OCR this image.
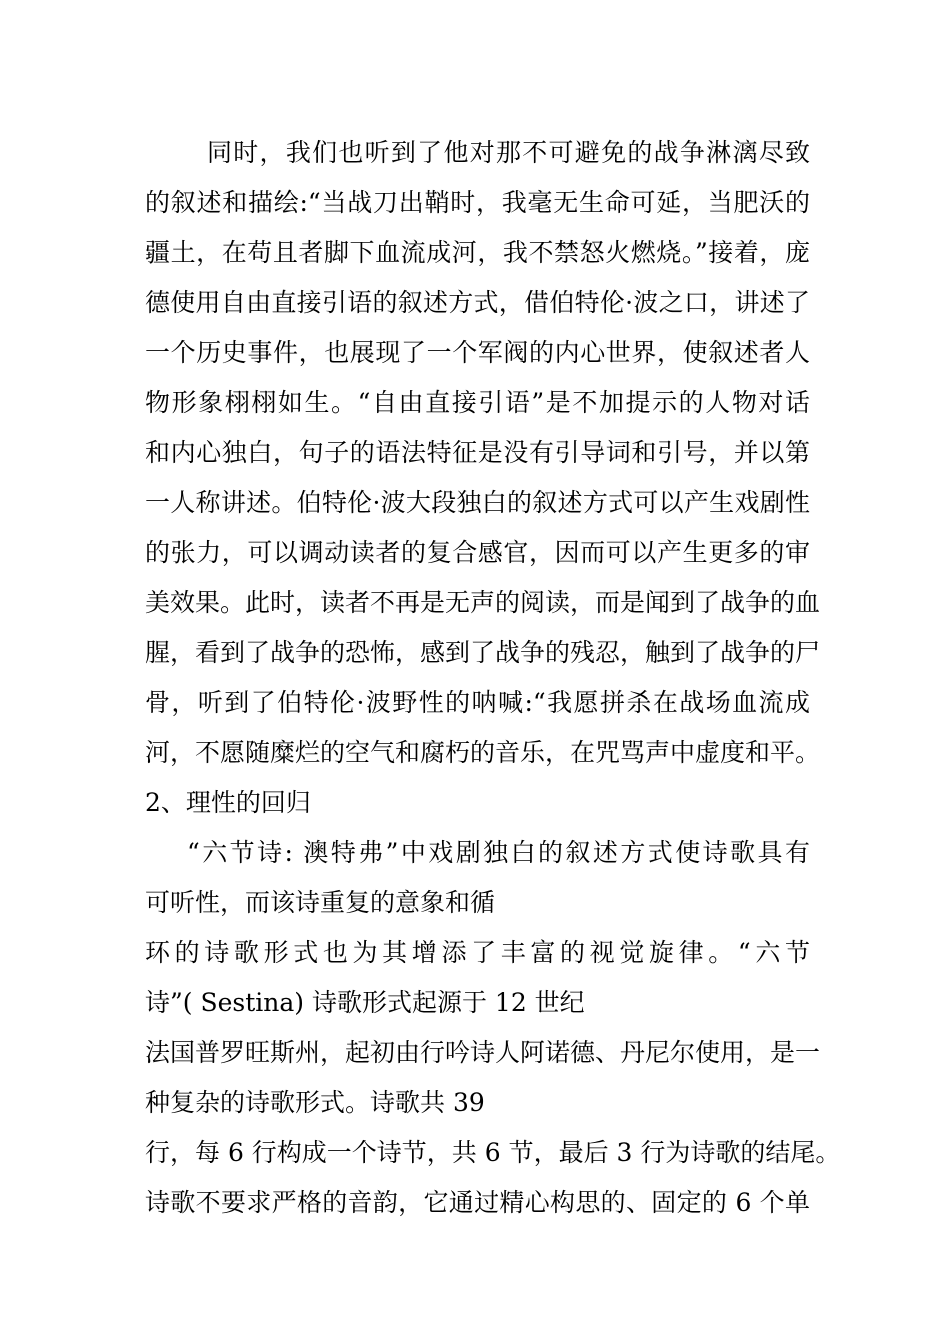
同时，我们也听到了他对那不可避免的战争淋漓尽致
的叙述和描绘:“当战刀出鞘时，我毫无生命可延，当肥沃的
疆土，在苟且者脚下血流成河，我不禁怒火燃烧。”接着，庞
德使用自由直接引语的叙述方式，借伯特伦·波之口，讲述了
一个历史事件，也展现了一个军阀的内心世界，使叙述者人
物形象栩栩如生。“自由直接引语”是不加提示的人物对话
和内心独白，句子的语法特征是没有引导词和引号，并以第
一人称讲述。伯特伦·波大段独白的叙述方式可以产生戏剧性
的张力，可以调动读者的复合感官，因而可以产生更多的审
美效果。此时，读者不再是无声的阅读，而是闻到了战争的血
腥，看到了战争的恐怖，感到了战争的残忍，触到了战争的尸
骨，听到了伯特伦·波野性的呐喊:“我愿拼杀在战场血流成
河，不愿随糜烂的空气和腐朽的音乐，在咒骂声中虚度和平。
2、理性的回归
“六节诗: 澳特弗”中戏剧独白的叙述方式使诗歌具有
可听性，而该诗重复的意象和循
环的诗歌形式也为其增添了丰富的视觉旋律。“六节
诗”( Sestina) 诗歌形式起源于 12 世纪
法国普罗旺斯州，起初由行吟诗人阿诺德、丹尼尔使用，是一
种复杂的诗歌形式。诗歌共 39
行，每 6 行构成一个诗节，共 6 节，最后 3 行为诗歌的结尾。
诗歌不要求严格的音韵，它通过精心构思的、固定的 6 个单
